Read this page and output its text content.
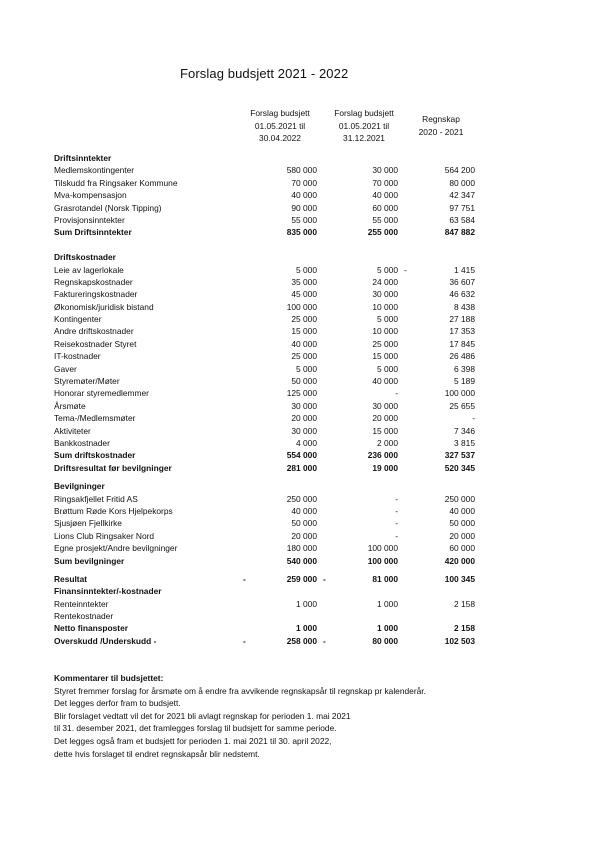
Forslag budsjett 2021 - 2022
Forslag budsjett
01.05.2021 til
30.04.2022
Forslag budsjett
01.05.2021 til
31.12.2021
Regnskap
2020 - 2021
Driftsinntekter
Medlemskontingenter	580 000	30 000	564 200
Tilskudd fra Ringsaker Kommune	70 000	70 000	80 000
Mva-kompensasjon	40 000	40 000	42 347
Grasrotandel (Norsk Tipping)	90 000	60 000	97 751
Provisjonsinntekter	55 000	55 000	63 584
Sum Driftsinntekter	835 000	255 000	847 882
Driftskostnader
Leie av lagerlokale	5 000	5 000	1 415
-
Regnskapskostnader	35 000	24 000	36 607
Faktureringskostnader	45 000	30 000	46 632
Økonomisk/juridisk bistand	100 000	10 000	8 438
Kontingenter	25 000	5 000	27 188
Andre driftskostnader	15 000	10 000	17 353
Reisekostnader Styret	40 000	25 000	17 845
IT-kostnader	25 000	15 000	26 486
Gaver	5 000	5 000	6 398
Styremøter/Møter	50 000	40 000	5 189
Honorar styremedlemmer	125 000	-	100 000
Årsmøte	30 000	30 000	25 655
Tema-/Medlemsmøter	20 000	20 000	-
Aktiviteter	30 000	15 000	7 346
Bankkostnader	4 000	2 000	3 815
Sum driftskostnader	554 000	236 000	327 537
Driftsresultat før bevilgninger	281 000	19 000	520 345
Bevilgninger
Ringsakfjellet Fritid AS	250 000	-	250 000
Brøttum Røde Kors Hjelpekorps	40 000	-	40 000
Sjusjøen Fjellkirke	50 000	-	50 000
Lions Club Ringsaker Nord	20 000	-	20 000
Egne prosjekt/Andre bevilgninger	180 000	100 000	60 000
Sum bevilgninger	540 000	100 000	420 000
Resultat	259 000	81 000	100 345
-	-
Finansinntekter/-kostnader
Renteinntekter	1 000	1 000	2 158
Rentekostnader
Netto finansposter	1 000	1 000	2 158
Overskudd /Underskudd -	258 000	80 000	102 503
-	-
Kommentarer til budsjettet:
Styret fremmer forslag for årsmøte om å endre fra avvikende regnskapsår til regnskap pr kalenderår.
Det legges derfor fram to budsjett.
Blir forslaget vedtatt vil det for 2021 bli avlagt regnskap for perioden 1. mai 2021
til 31. desember 2021, det framlegges forslag til budsjett for samme periode.
Det legges også fram et budsjett for perioden 1. mai 2021 til 30. april 2022,
dette hvis forslaget til endret regnskapsår blir nedstemt.
